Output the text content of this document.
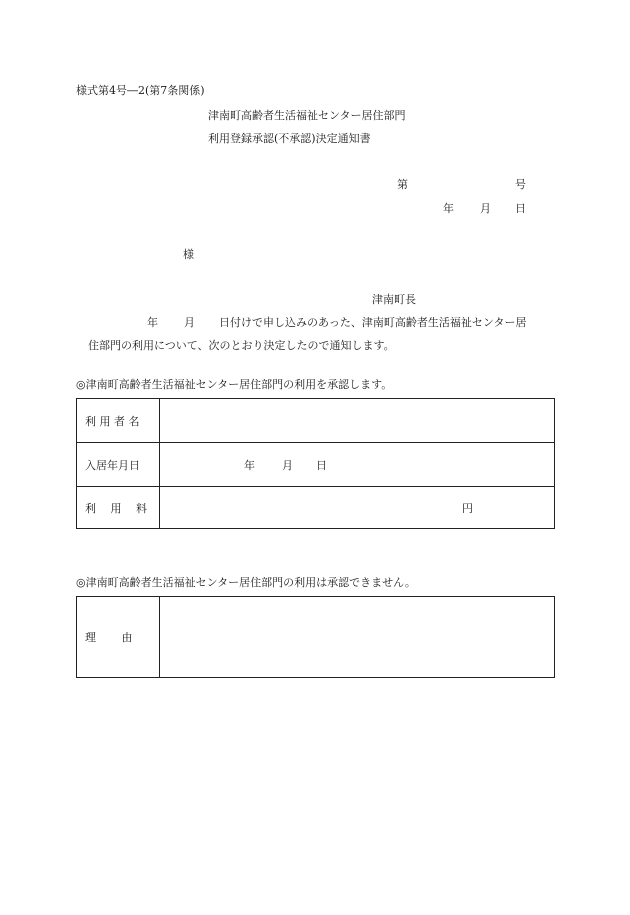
様式第4号―2(第7条関係)
津南町高齢者生活福祉センター居住部門
利用登録承認(不承認)決定通知書
第	号
年 月 日
様
津南町長
年 月 日付けで申し込みのあった、津南町高齢者生活福祉センター居
住部門の利用について、次のとおり決定したので通知します。
◎津南町高齢者生活福祉センター居住部門の利用を承認します。
利 用 者 名
入居年月日	年 月 日
利　 用　 料	円
◎津南町高齢者生活福祉センター居住部門の利用は承認できません。
理　　 由
